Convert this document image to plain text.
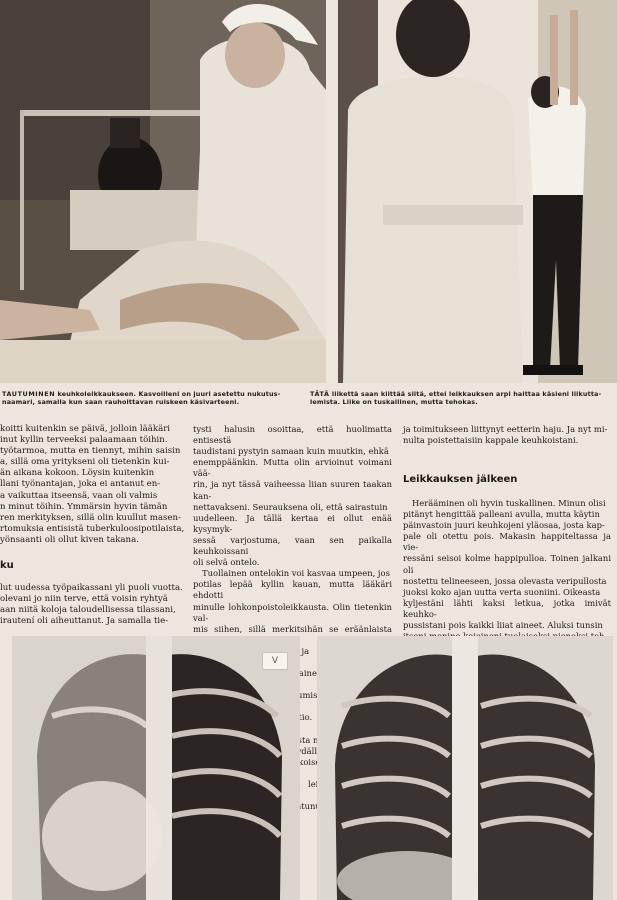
TAUTUMINEN keuhkoleikkaukseen. Kasvoilleni on juuri asetettu nukutus-
naamari, samalla kun saan rauhoittavan ruiskeen käsivarteeni.
TÄTÄ liikettä saan kiittää siitä, ettei leikkauksen arpi haittaa käsieni liikutta-
lemista. Liike on tuskallinen, mutta tehokas.
koitti kuitenkin se päivä, jolloin lääkäri
inut kyllin terveeksi palaamaan töihin.
työtarmoa, mutta en tiennyt, mihin saisin
a, sillä oma yritykseni oli tietenkin kui-
än aikana kokoon. Löysin kuitenkin
llani työnantajan, joka ei antanut en-
a vaikuttaa itseensä, vaan oli valmis
n minut töihin. Ymmärsin hyvin tämän
ren merkityksen, sillä olin kuullut masen-
rtomuksia entisistä tuberkuloosipotilaista,
yönsaanti oli ollut kiven takana.
ku
lut uudessa työpaikassani yli puoli vuotta.
olevani jo niin terve, että voisin ryhtyä
aan niitä koloja taloudellisessa tilassani,
irautení oli aiheuttanut. Ja samalla tie-
tysti halusin osoittaa, että huolimatta entisestä
taudistani pystyin samaan kuin muutkin, ehkä
enemppäänkin. Mutta olin arvioinut voimani vää-
rin, ja nyt tässä vaiheessa liian suuren taakan kan-
nettavakseni. Seurauksena oli, että sairastuin
uudelleen. Ja tällä kertaa ei ollut enää kysymyk-
sessä varjostuma, vaan sen paikalla keuhkoissani
oli selvä ontelo.
Tuollainen ontelokin voi kasvaa umpeen, jos
potilas lepää kyllin kauan, mutta lääkäri ehdotti
minulle lohkonpoistoleikkausta. Olin tietenkin val-
mis siihen, sillä merkitsihän se eräänlaista
ja
tällainen
kuntoutumisajan,
melkoisesti,
tapahtunut
ja toimitukseen liittynyt eetterin haju. Ja nyt mi-
nulta poistettaisiin kappale keuhkoistani.
Leikkauksen jälkeen
Herääminen oli hyvin tuskallinen. Minun olisi
pitänyt hengittää palleani avulla, mutta käytin
päinvastoin juuri keuhkojeni yläosaa, josta kap-
pale oli otettu pois. Makasin happiteltassa ja vie-
ressäni seisoi kolme happipulloa. Toinen jalkani oli
nostettu telineeseen, jossa olevasta veripullosta
juoksi koko ajan uutta verta suoniini. Oikeasta
kyljestäni lähti kaksi letkua, jotka imivät keuhko-
pussistani pois kaikki liiat aineet. Aluksi tunsin
V
